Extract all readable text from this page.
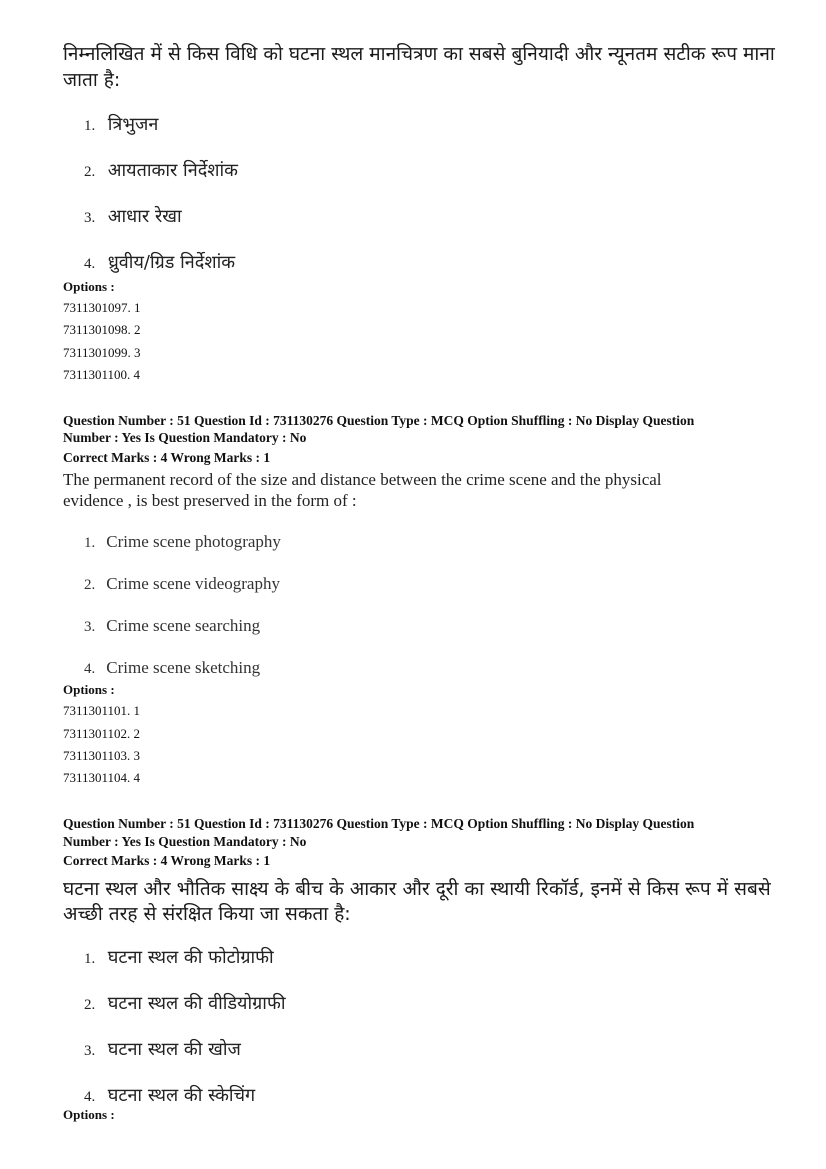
निम्नलिखित में से किस विधि को घटना स्थल मानचित्रण का सबसे बुनियादी और न्यूनतम सटीक रूप माना
जाता है:
1. त्रिभुजन
2. आयताकार निर्देशांक
3. आधार रेखा
4. ध्रुवीय/ग्रिड निर्देशांक
Options :
7311301097. 1
7311301098. 2
7311301099. 3
7311301100. 4
Question Number : 51 Question Id : 731130276 Question Type : MCQ Option Shuffling : No Display Question
Number : Yes Is Question Mandatory : No
Correct Marks : 4 Wrong Marks : 1
The permanent record of the size and distance between the crime scene and the physical
evidence , is best preserved in the form of :
1. Crime scene photography
2. Crime scene videography
3. Crime scene searching
4. Crime scene sketching
Options :
7311301101. 1
7311301102. 2
7311301103. 3
7311301104. 4
Question Number : 51 Question Id : 731130276 Question Type : MCQ Option Shuffling : No Display Question
Number : Yes Is Question Mandatory : No
Correct Marks : 4 Wrong Marks : 1
घटना स्थल और भौतिक साक्ष्य के बीच के आकार और दूरी का स्थायी रिकॉर्ड, इनमें से किस रूप में सबसे
अच्छी तरह से संरक्षित किया जा सकता है:
1. घटना स्थल की फोटोग्राफी
2. घटना स्थल की वीडियोग्राफी
3. घटना स्थल की खोज
4. घटना स्थल की स्केचिंग
Options :
